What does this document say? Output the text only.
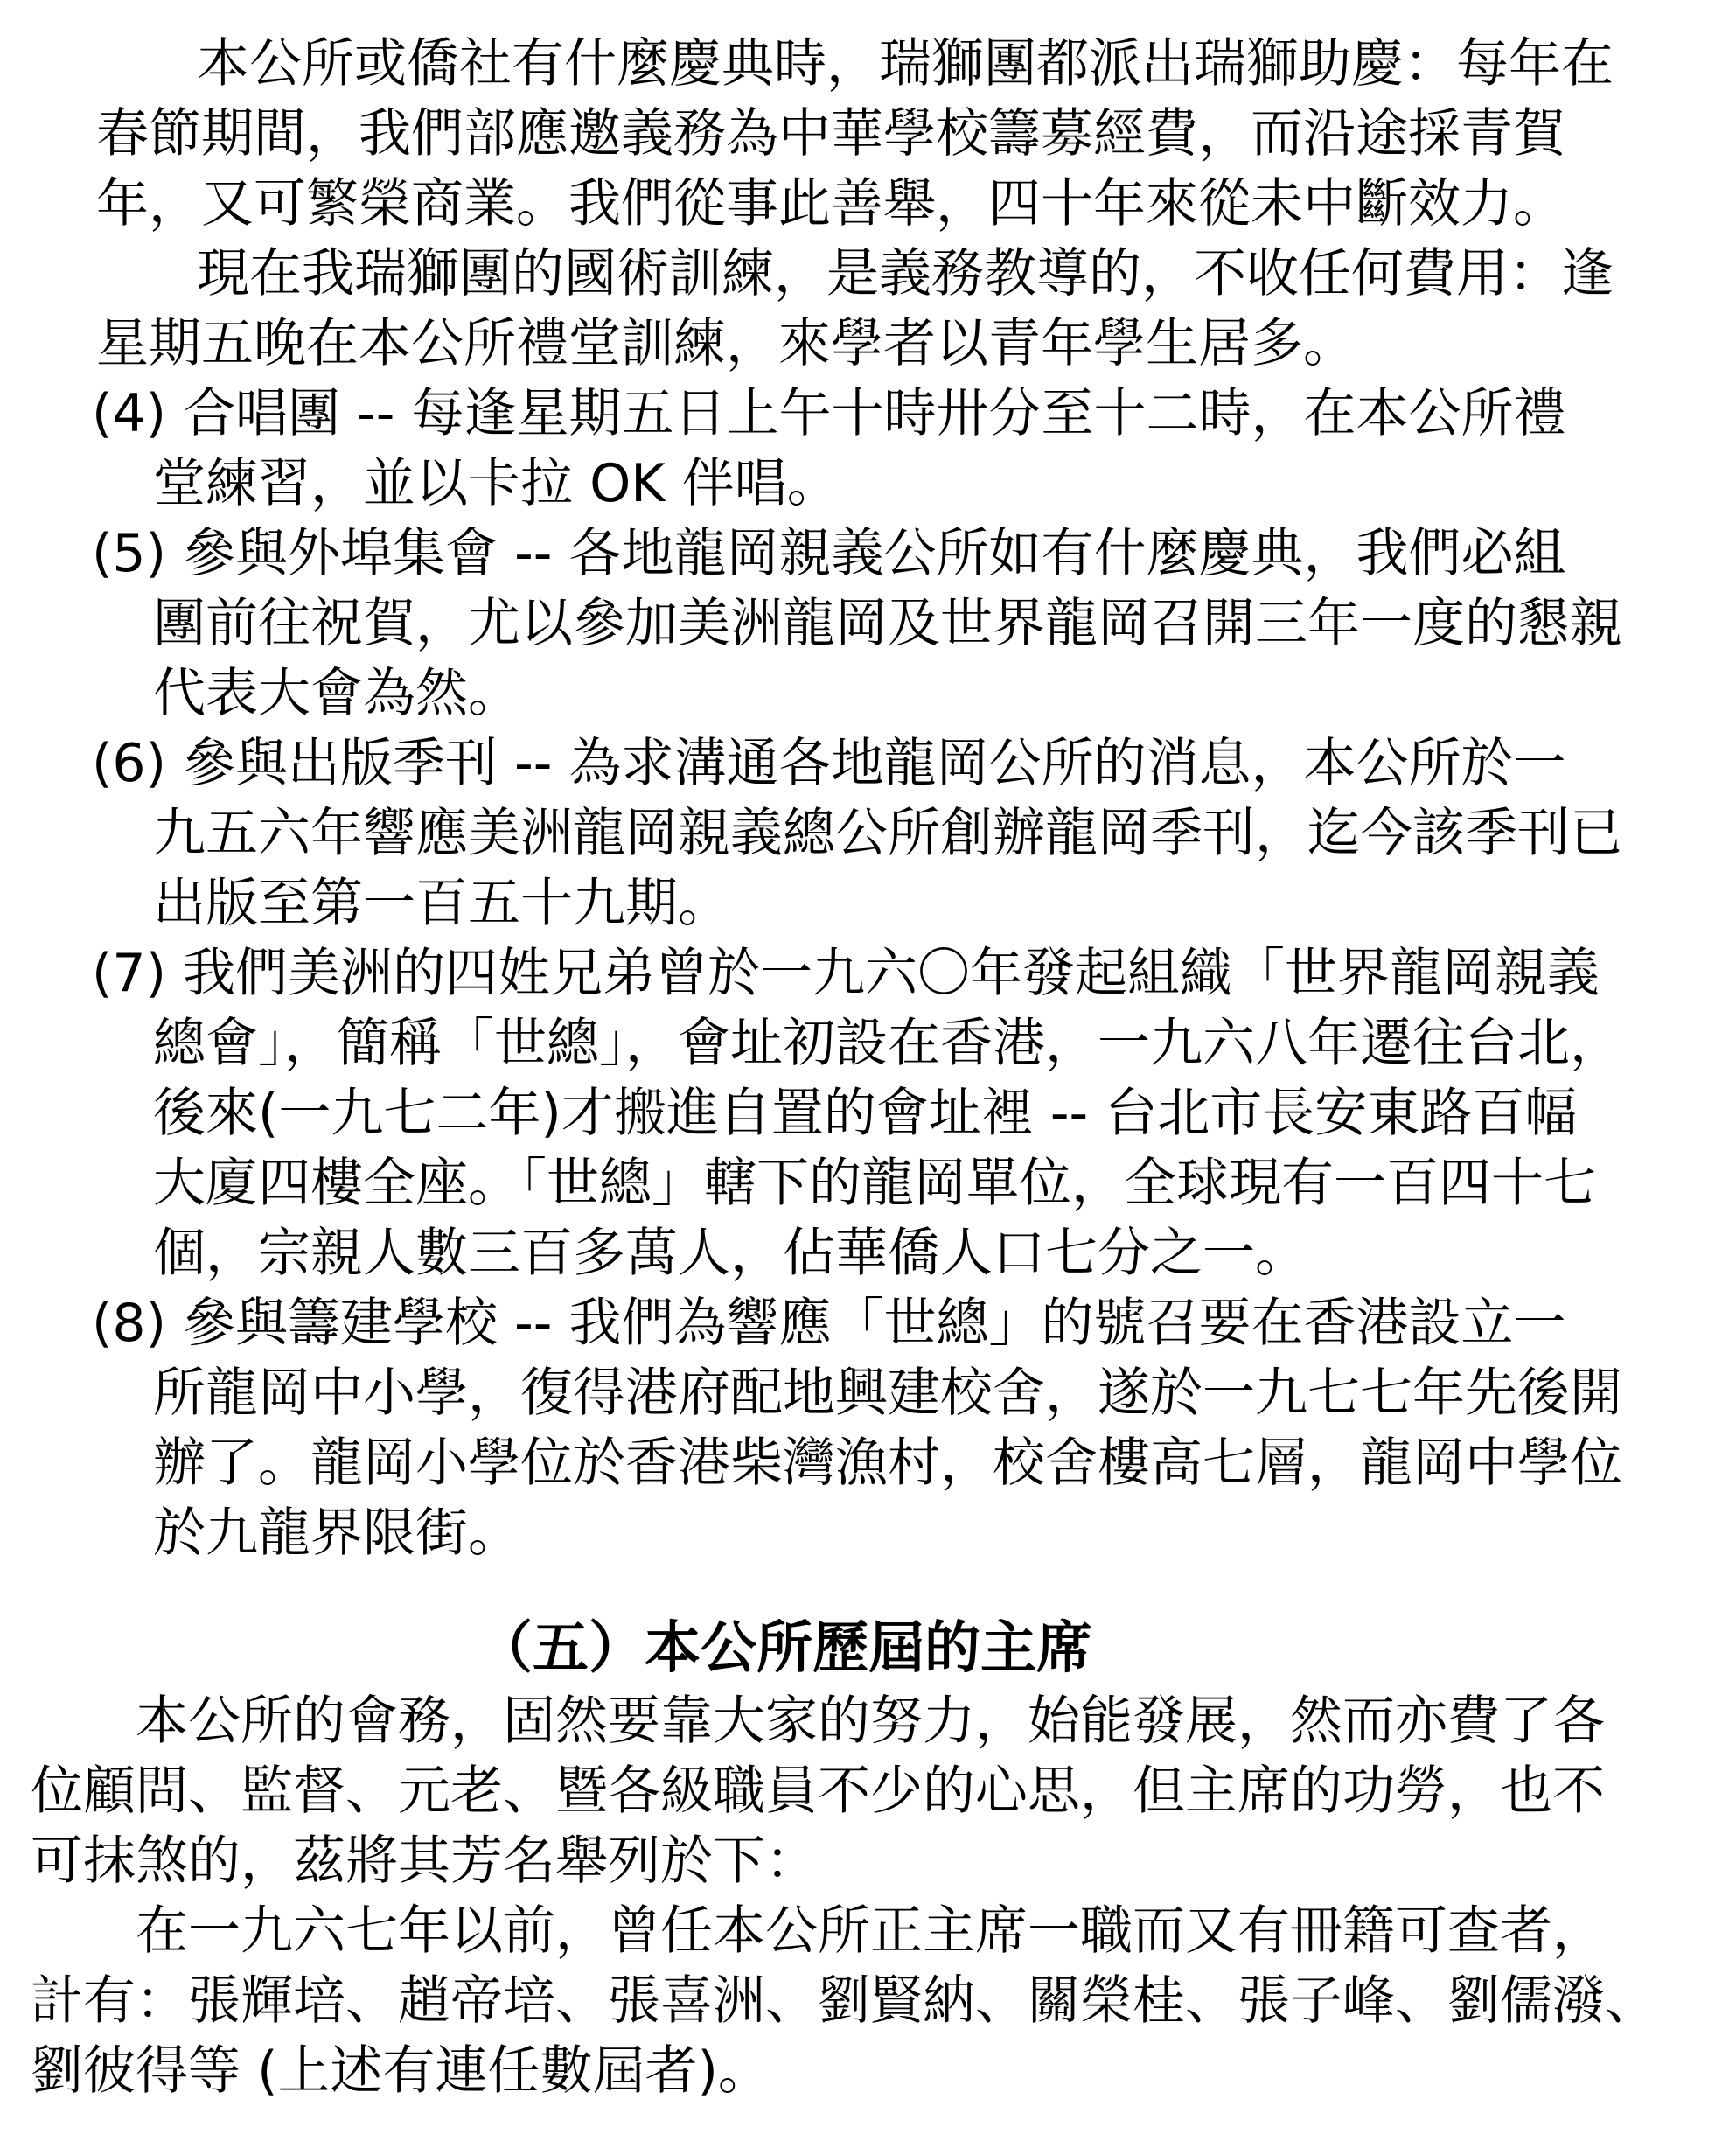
本公所或僑社有什麼慶典時，瑞獅團都派出瑞獅助慶：每年在
春節期間，我們部應邀義務為中華學校籌募經費，而沿途採青賀
年，又可繁榮商業。我們從事此善舉，四十年來從未中斷效力。
現在我瑞獅團的國術訓練，是義務教導的，不收任何費用：逢
星期五晚在本公所禮堂訓練，來學者以青年學生居多。
(4) 合唱團 -- 每逢星期五日上午十時卅分至十二時，在本公所禮
堂練習，並以卡拉 OK 伴唱。
(5) 參與外埠集會 -- 各地龍岡親義公所如有什麼慶典，我們必組
團前往祝賀，尤以參加美洲龍岡及世界龍岡召開三年一度的懇親
代表大會為然。
(6) 參與出版季刊 -- 為求溝通各地龍岡公所的消息，本公所於一
九五六年響應美洲龍岡親義總公所創辦龍岡季刊，迄今該季刊已
出版至第一百五十九期。
(7) 我們美洲的四姓兄弟曾於一九六〇年發起組織「世界龍岡親義
總會」，簡稱「世總」，會址初設在香港，一九六八年遷往台北，
後來(一九七二年)才搬進自置的會址裡 -- 台北市長安東路百幅
大廈四樓全座。「世總」轄下的龍岡單位，全球現有一百四十七
個，宗親人數三百多萬人，佔華僑人口七分之一。
(8) 參與籌建學校 -- 我們為響應「世總」的號召要在香港設立一
所龍岡中小學，復得港府配地興建校舍，遂於一九七七年先後開
辦了。龍岡小學位於香港柴灣漁村，校舍樓高七層，龍岡中學位
於九龍界限街。
（五）本公所歷屆的主席
本公所的會務，固然要靠大家的努力，始能發展，然而亦費了各
位顧問、監督、元老、暨各級職員不少的心思，但主席的功勞，也不
可抹煞的，茲將其芳名舉列於下：
在一九六七年以前，曾任本公所正主席一職而又有冊籍可查者，
計有：張輝培、趙帝培、張喜洲、劉賢納、關榮桂、張子峰、劉儒潑、
劉彼得等 (上述有連任數屆者)。
